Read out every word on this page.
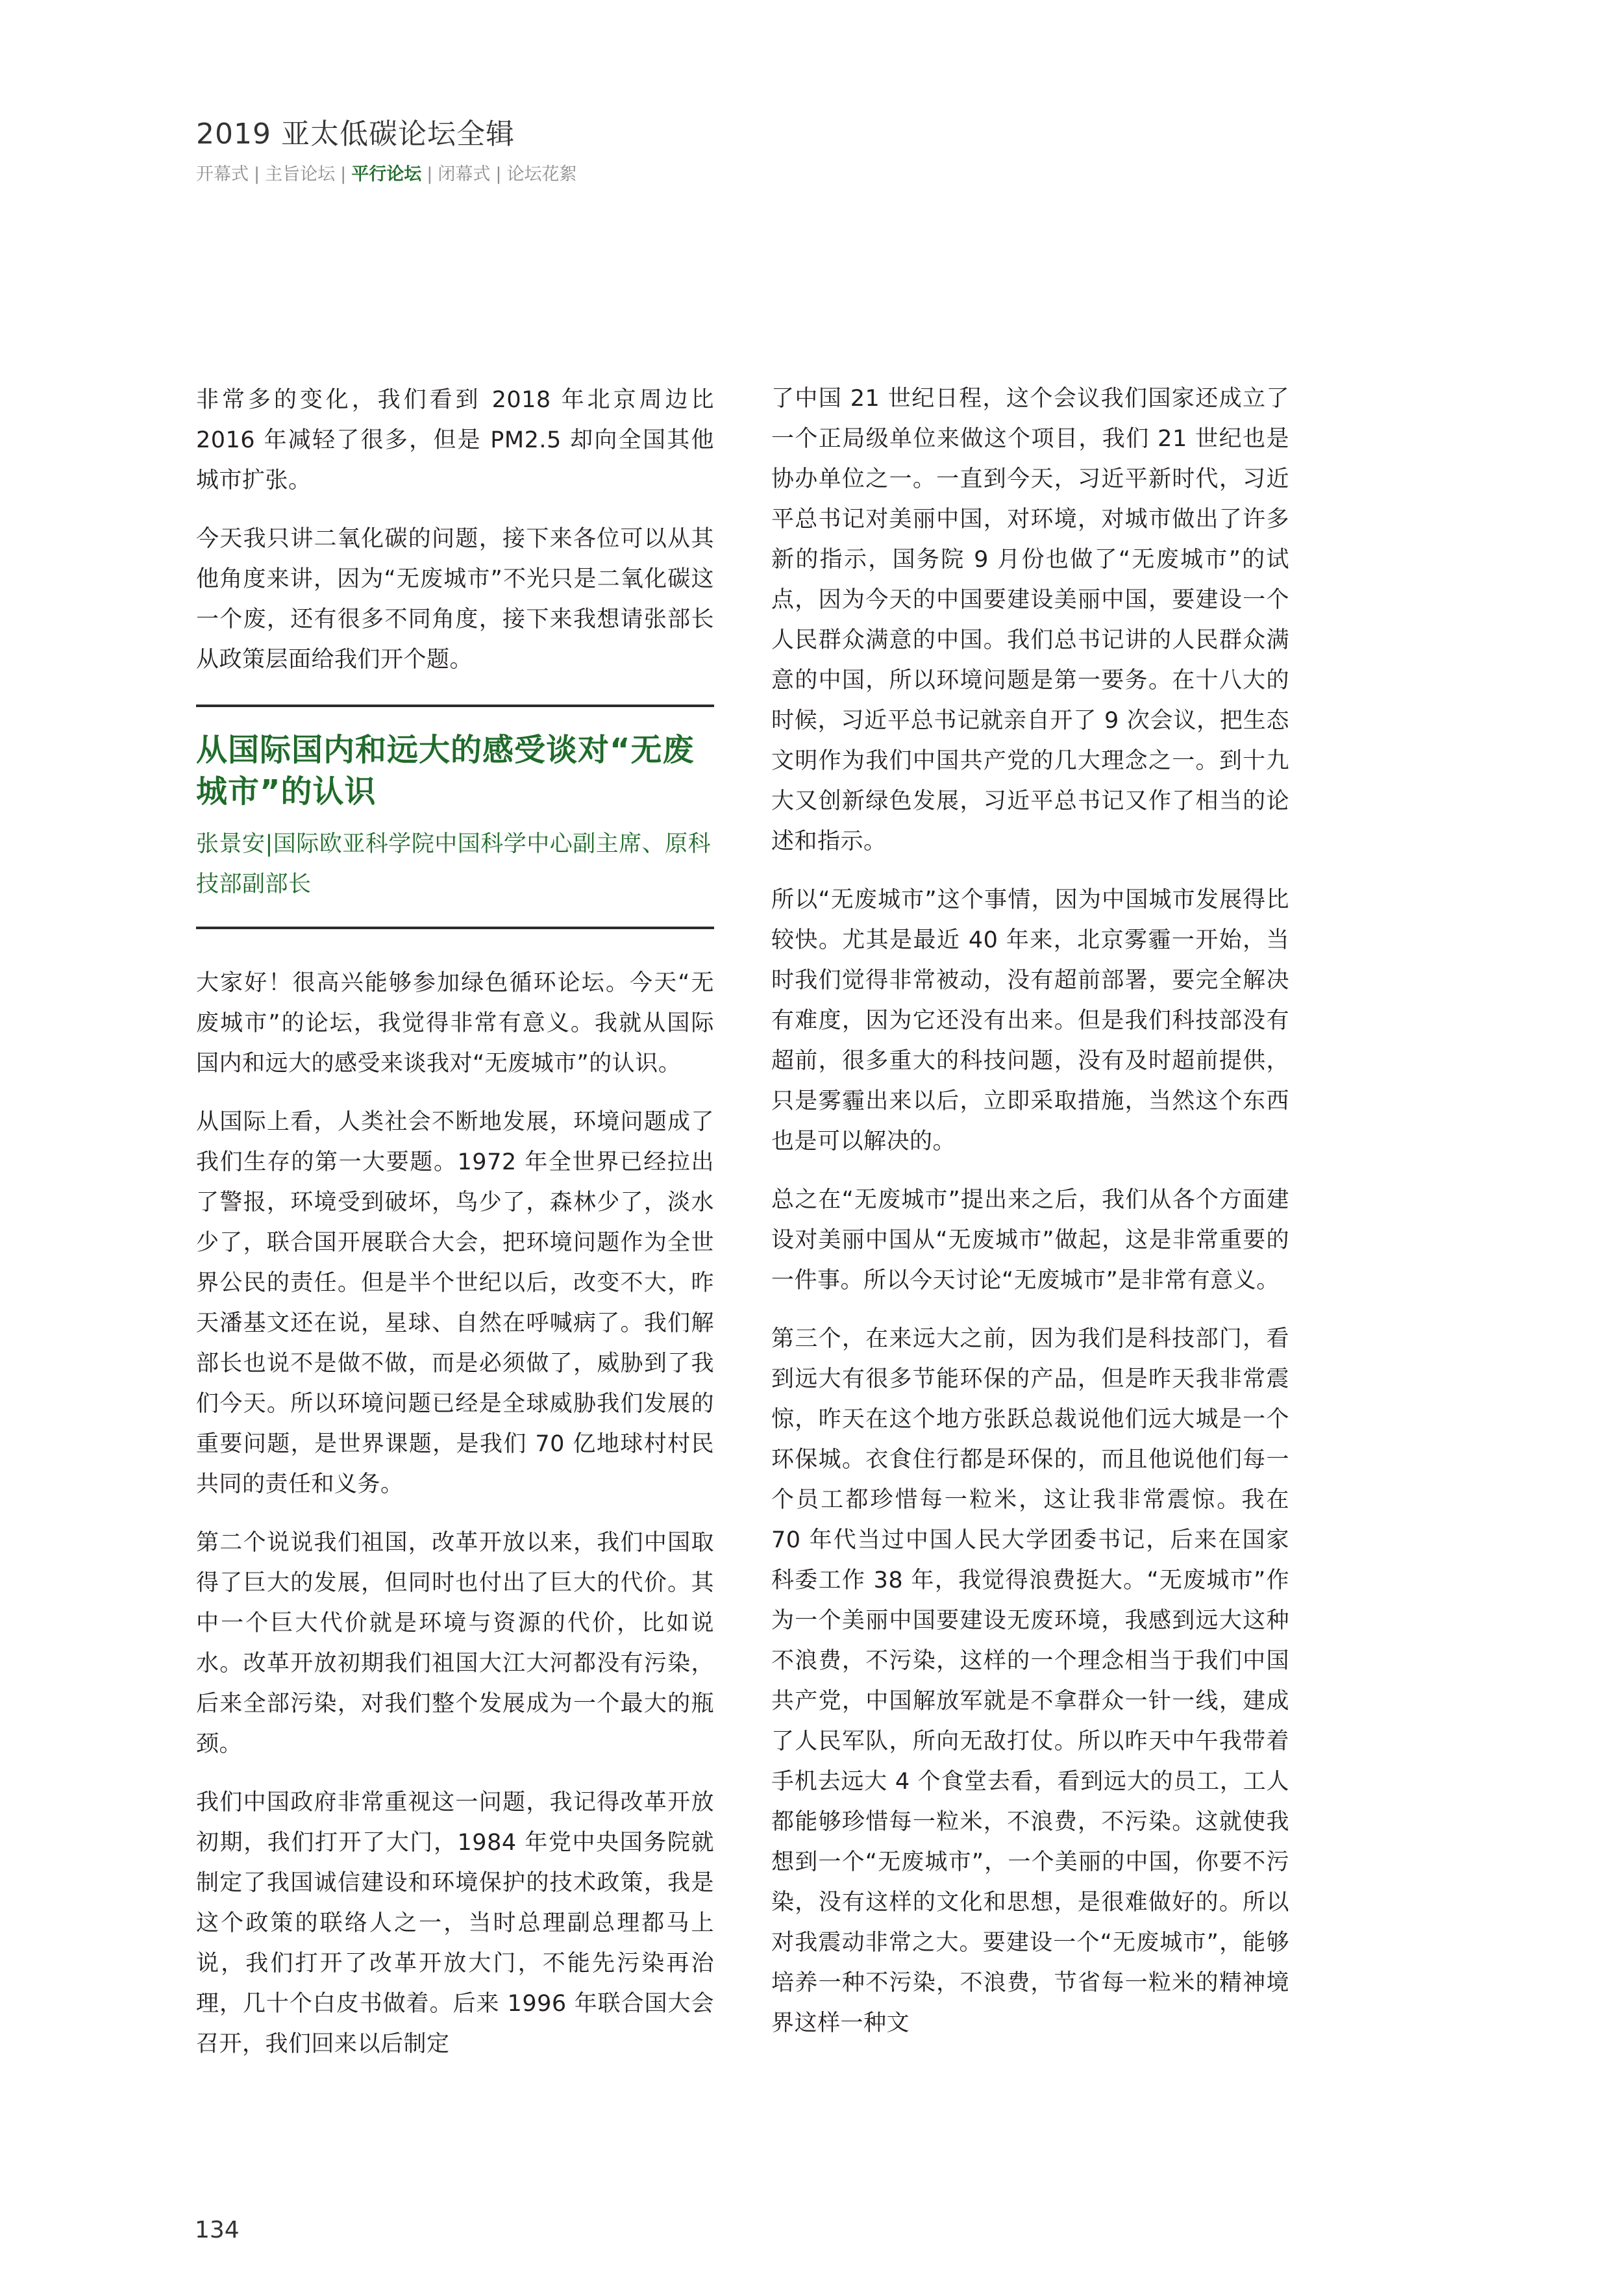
2019 亚太低碳论坛全辑
开幕式 | 主旨论坛 | 平行论坛 | 闭幕式 | 论坛花絮

非常多的变化，我们看到 2018 年北京周边比 2016 年减轻了很多，但是 PM2.5 却向全国其他城市扩张。

今天我只讲二氧化碳的问题，接下来各位可以从其他角度来讲，因为“无废城市”不光只是二氧化碳这一个废，还有很多不同角度，接下来我想请张部长从政策层面给我们开个题。

从国际国内和远大的感受谈对“无废城市”的认识
张景安|国际欧亚科学院中国科学中心副主席、原科技部副部长

大家好！很高兴能够参加绿色循环论坛。今天“无废城市”的论坛，我觉得非常有意义。我就从国际国内和远大的感受来谈我对“无废城市”的认识。

从国际上看，人类社会不断地发展，环境问题成了我们生存的第一大要题。1972 年全世界已经拉出了警报，环境受到破坏，鸟少了，森林少了，淡水少了，联合国开展联合大会，把环境问题作为全世界公民的责任。但是半个世纪以后，改变不大，昨天潘基文还在说，星球、自然在呼喊病了。我们解部长也说不是做不做，而是必须做了，威胁到了我们今天。所以环境问题已经是全球威胁我们发展的重要问题，是世界课题，是我们 70 亿地球村村民共同的责任和义务。

第二个说说我们祖国，改革开放以来，我们中国取得了巨大的发展，但同时也付出了巨大的代价。其中一个巨大代价就是环境与资源的代价，比如说水。改革开放初期我们祖国大江大河都没有污染，后来全部污染，对我们整个发展成为一个最大的瓶颈。

我们中国政府非常重视这一问题，我记得改革开放初期，我们打开了大门，1984 年党中央国务院就制定了我国诚信建设和环境保护的技术政策，我是这个政策的联络人之一，当时总理副总理都马上说，我们打开了改革开放大门，不能先污染再治理，几十个白皮书做着。后来 1996 年联合国大会召开，我们回来以后制定

了中国 21 世纪日程，这个会议我们国家还成立了一个正局级单位来做这个项目，我们 21 世纪也是协办单位之一。一直到今天，习近平新时代，习近平总书记对美丽中国，对环境，对城市做出了许多新的指示，国务院 9 月份也做了“无废城市”的试点，因为今天的中国要建设美丽中国，要建设一个人民群众满意的中国。我们总书记讲的人民群众满意的中国，所以环境问题是第一要务。在十八大的时候，习近平总书记就亲自开了 9 次会议，把生态文明作为我们中国共产党的几大理念之一。到十九大又创新绿色发展，习近平总书记又作了相当的论述和指示。

所以“无废城市”这个事情，因为中国城市发展得比较快。尤其是最近 40 年来，北京雾霾一开始，当时我们觉得非常被动，没有超前部署，要完全解决有难度，因为它还没有出来。但是我们科技部没有超前，很多重大的科技问题，没有及时超前提供，只是雾霾出来以后，立即采取措施，当然这个东西也是可以解决的。

总之在“无废城市”提出来之后，我们从各个方面建设对美丽中国从“无废城市”做起，这是非常重要的一件事。所以今天讨论“无废城市”是非常有意义。

第三个，在来远大之前，因为我们是科技部门，看到远大有很多节能环保的产品，但是昨天我非常震惊，昨天在这个地方张跃总裁说他们远大城是一个环保城。衣食住行都是环保的，而且他说他们每一个员工都珍惜每一粒米，这让我非常震惊。我在 70 年代当过中国人民大学团委书记，后来在国家科委工作 38 年，我觉得浪费挺大。“无废城市”作为一个美丽中国要建设无废环境，我感到远大这种不浪费，不污染，这样的一个理念相当于我们中国共产党，中国解放军就是不拿群众一针一线，建成了人民军队，所向无敌打仗。所以昨天中午我带着手机去远大 4 个食堂去看，看到远大的员工，工人都能够珍惜每一粒米，不浪费，不污染。这就使我想到一个“无废城市”，一个美丽的中国，你要不污染，没有这样的文化和思想，是很难做好的。所以对我震动非常之大。要建设一个“无废城市”，能够培养一种不污染，不浪费，节省每一粒米的精神境界这样一种文

134
